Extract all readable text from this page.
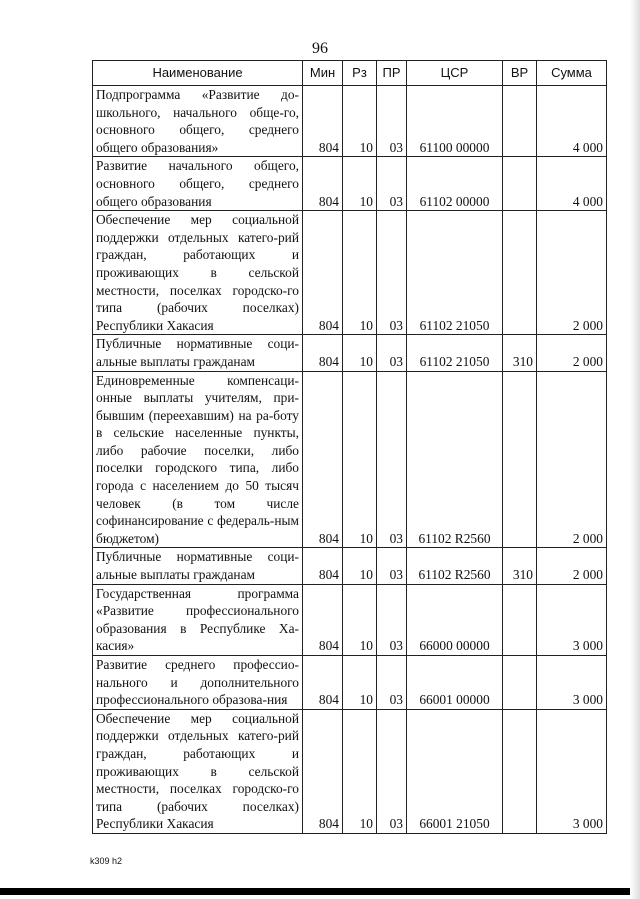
96
Наименование	Мин	Рз	ПР	ЦСР	ВР	Сумма
Подпрограмма «Развитие до-​школьного, начального обще-​го, основного общего, среднего общего образования»	804	10	03	61100 00000		4 000
Развитие начального общего, основного общего, среднего общего образования	804	10	03	61102 00000		4 000
Обеспечение мер социальной поддержки отдельных катего-​рий граждан, работающих и проживающих в сельской местности, поселках городско-​го типа (рабочих поселках) Республики Хакасия	804	10	03	61102 21050		2 000
Публичные нормативные соци-​альные выплаты гражданам	804	10	03	61102 21050	310	2 000
Единовременные компенсаци-​онные выплаты учителям, при-​бывшим (переехавшим) на ра-​боту в сельские населенные пункты, либо рабочие поселки, либо поселки городского типа, либо города с населением до 50 тысяч человек (в том числе софинансирование с федераль-​ным бюджетом)	804	10	03	61102 R2560		2 000
Публичные нормативные соци-​альные выплаты гражданам	804	10	03	61102 R2560	310	2 000
Государственная программа «Развитие профессионального образования в Республике Ха-​касия»	804	10	03	66000 00000		3 000
Развитие среднего профессио-​нального и дополнительного профессионального образова-​ния	804	10	03	66001 00000		3 000
Обеспечение мер социальной поддержки отдельных катего-​рий граждан, работающих и проживающих в сельской местности, поселках городско-​го типа (рабочих поселках) Республики Хакасия	804	10	03	66001 21050		3 000
k309 h2
